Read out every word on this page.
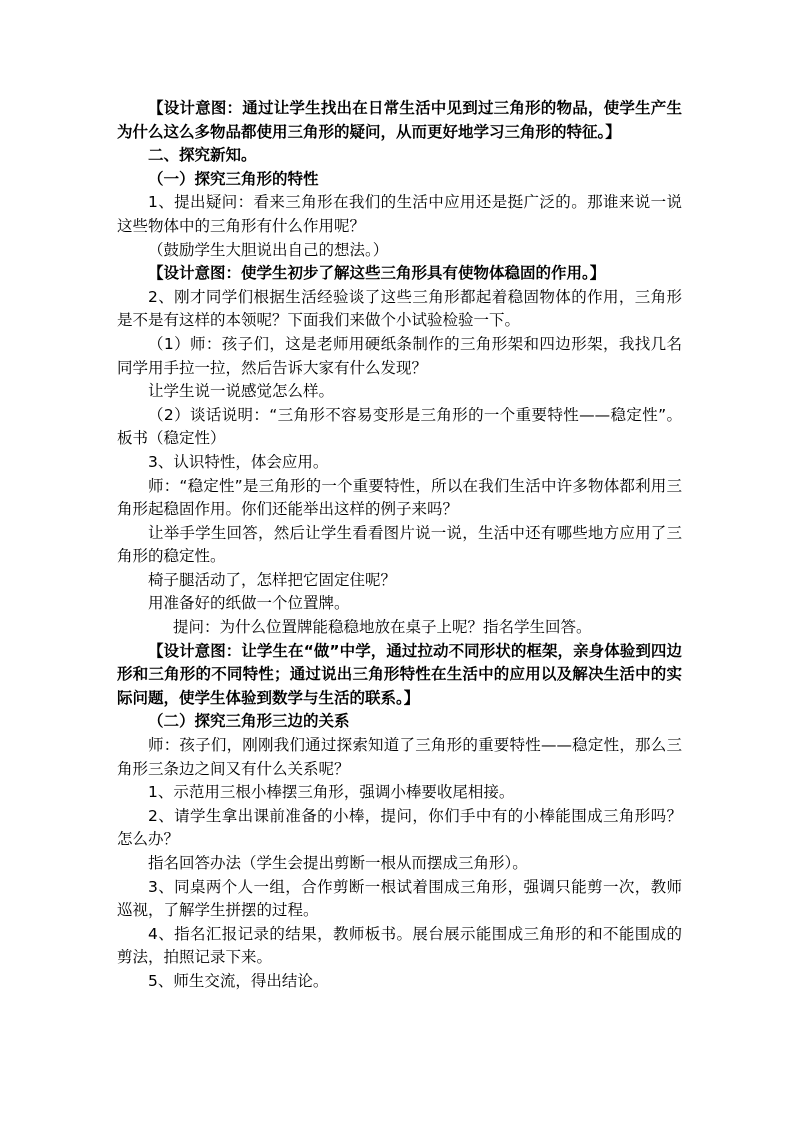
【设计意图：通过让学生找出在日常生活中见到过三角形的物品，使学生产生为什么这么多物品都使用三角形的疑问，从而更好地学习三角形的特征。】

二、探究新知。

（一）探究三角形的特性

1、提出疑问：看来三角形在我们的生活中应用还是挺广泛的。那谁来说一说这些物体中的三角形有什么作用呢？

（鼓励学生大胆说出自己的想法。）

【设计意图：使学生初步了解这些三角形具有使物体稳固的作用。】

2、刚才同学们根据生活经验谈了这些三角形都起着稳固物体的作用，三角形是不是有这样的本领呢？下面我们来做个小试验检验一下。

（1）师：孩子们，这是老师用硬纸条制作的三角形架和四边形架，我找几名同学用手拉一拉，然后告诉大家有什么发现？

让学生说一说感觉怎么样。

（2）谈话说明：“三角形不容易变形是三角形的一个重要特性——稳定性”。板书（稳定性）

3、认识特性，体会应用。

师：“稳定性”是三角形的一个重要特性，所以在我们生活中许多物体都利用三角形起稳固作用。你们还能举出这样的例子来吗？

让举手学生回答，然后让学生看看图片说一说，生活中还有哪些地方应用了三角形的稳定性。

椅子腿活动了，怎样把它固定住呢？

用准备好的纸做一个位置牌。

提问：为什么位置牌能稳稳地放在桌子上呢？指名学生回答。

【设计意图：让学生在“做”中学，通过拉动不同形状的框架，亲身体验到四边形和三角形的不同特性；通过说出三角形特性在生活中的应用以及解决生活中的实际问题，使学生体验到数学与生活的联系。】

（二）探究三角形三边的关系

师：孩子们，刚刚我们通过探索知道了三角形的重要特性——稳定性，那么三角形三条边之间又有什么关系呢？

1、示范用三根小棒摆三角形，强调小棒要收尾相接。

2、请学生拿出课前准备的小棒，提问，你们手中有的小棒能围成三角形吗？怎么办？

指名回答办法（学生会提出剪断一根从而摆成三角形）。

3、同桌两个人一组，合作剪断一根试着围成三角形，强调只能剪一次，教师巡视，了解学生拼摆的过程。

4、指名汇报记录的结果，教师板书。展台展示能围成三角形的和不能围成的剪法，拍照记录下来。

5、师生交流，得出结论。
